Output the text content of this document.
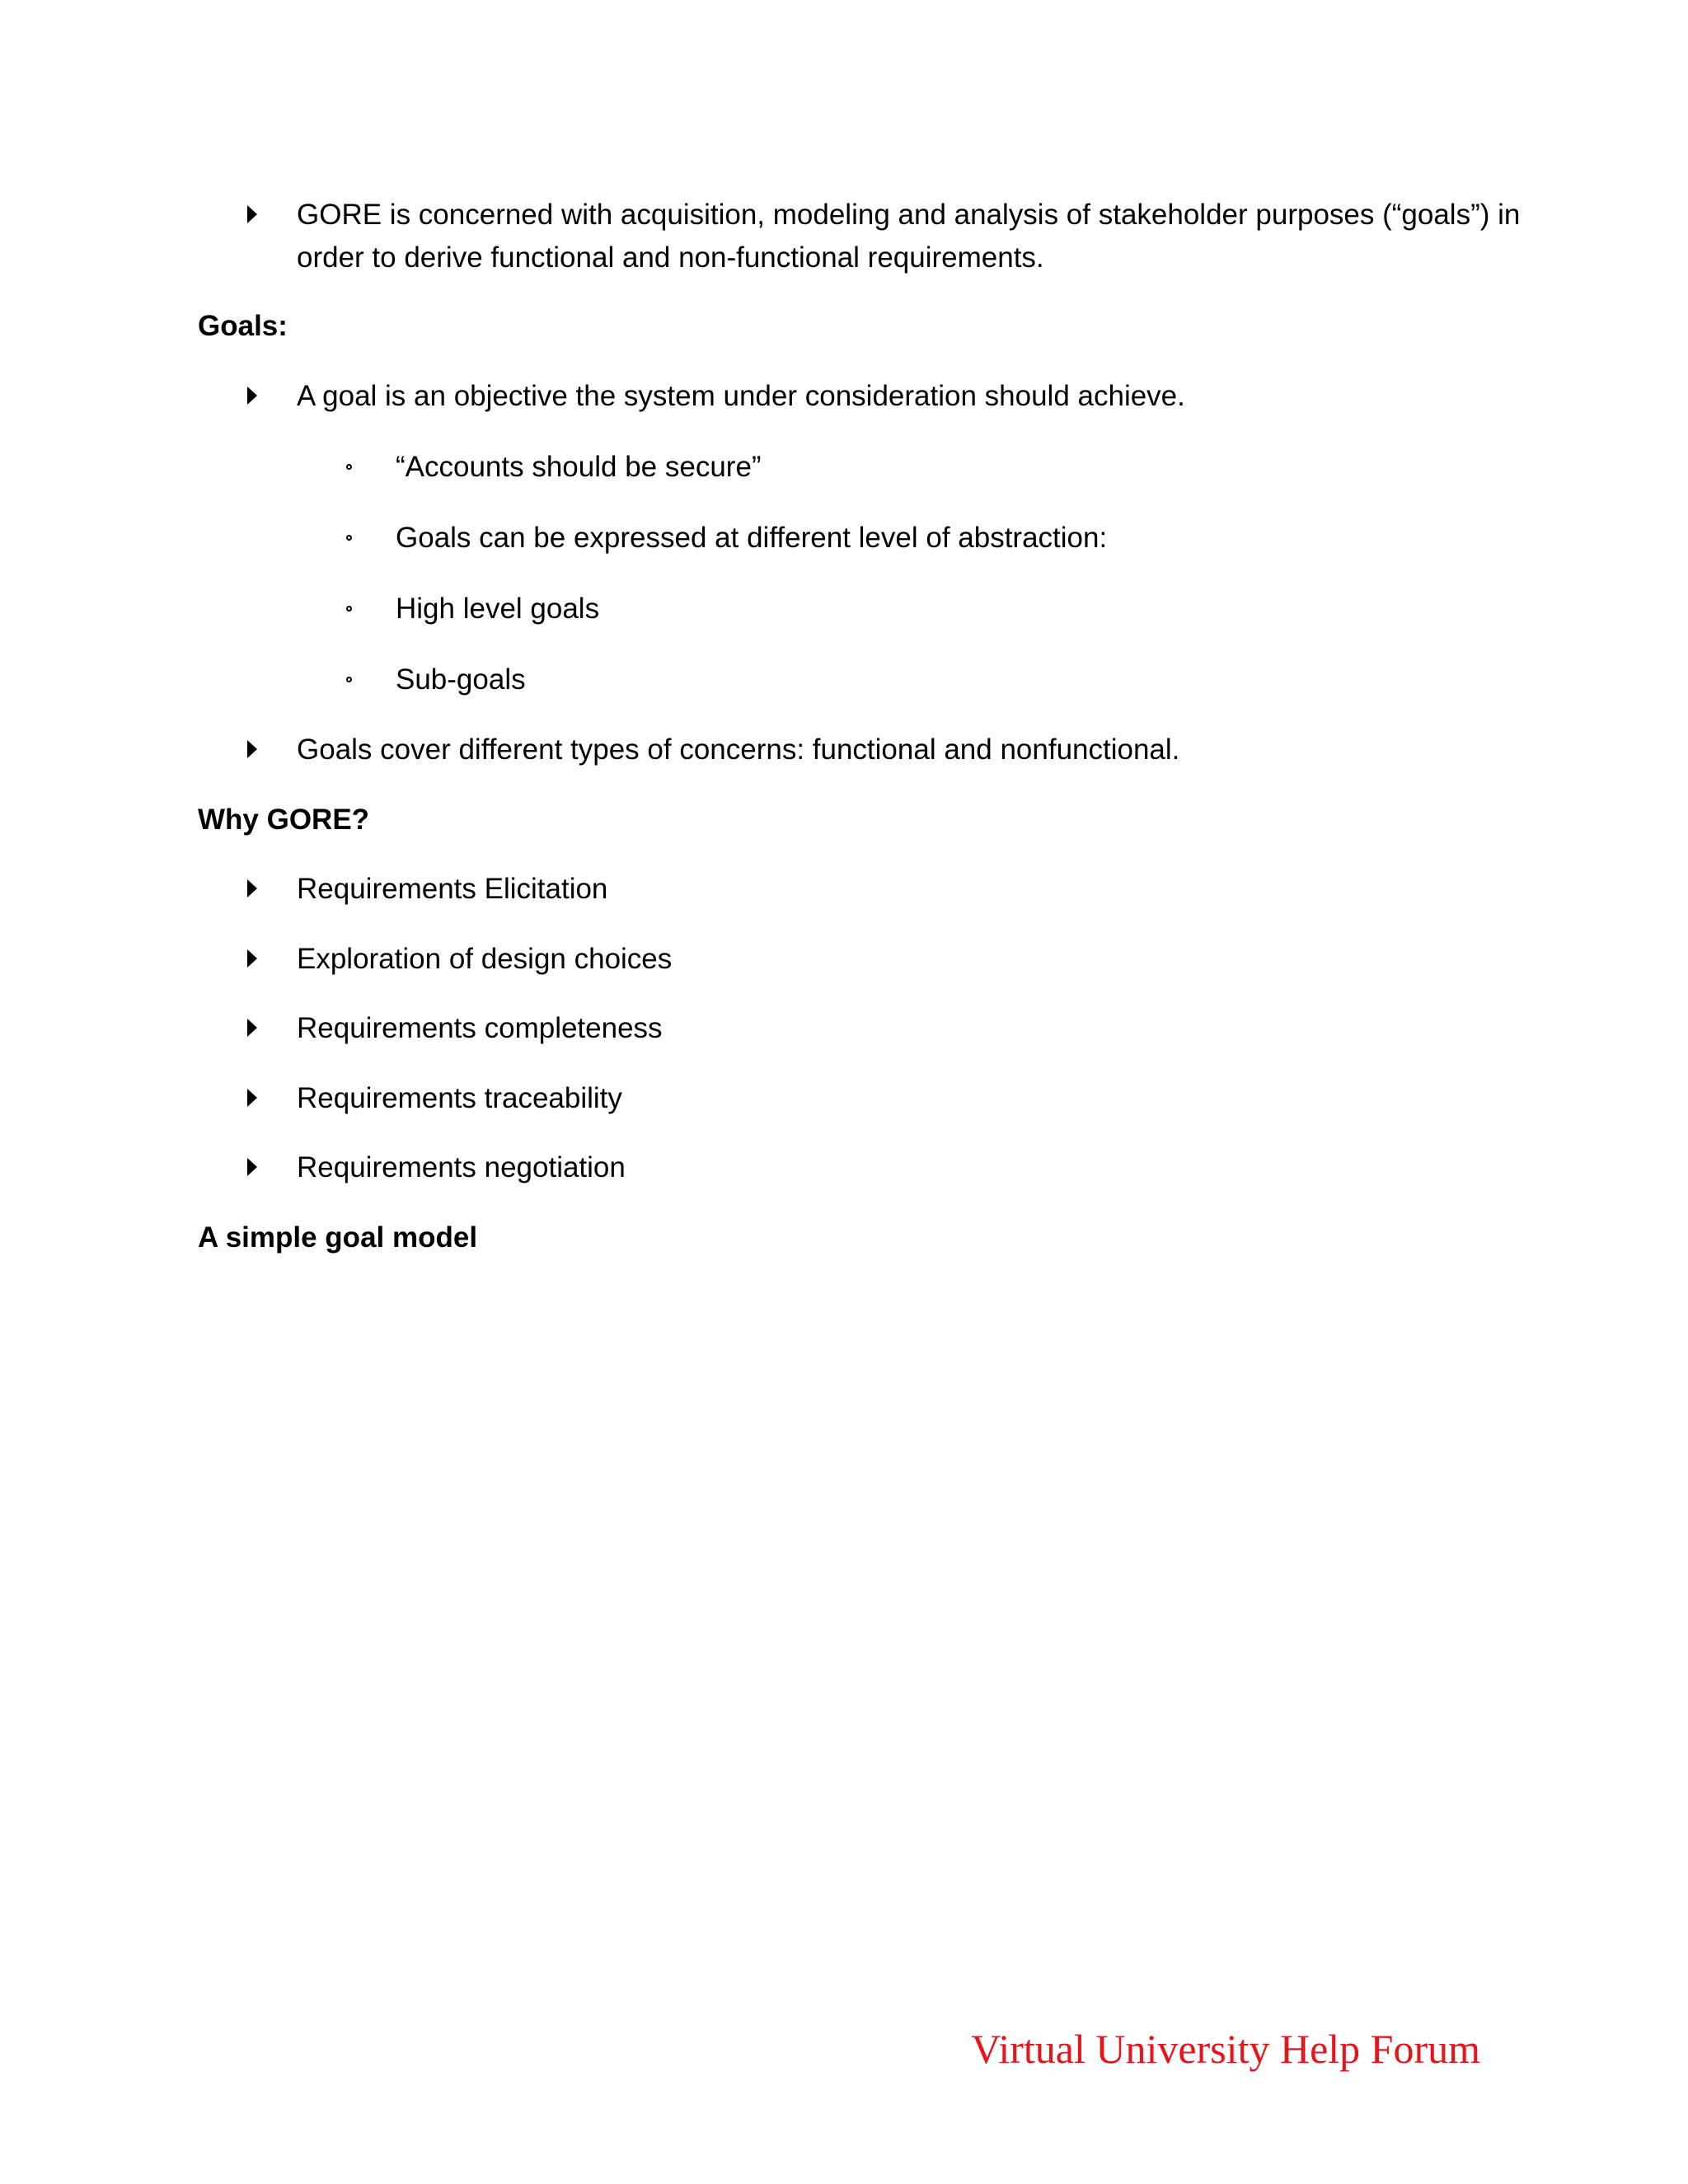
GORE is concerned with acquisition, modeling and analysis of stakeholder purposes (“goals”) in order to derive functional and non-functional requirements.
Goals:
A goal is an objective the system under consideration should achieve.
“Accounts should be secure”
Goals can be expressed at different level of abstraction:
High level goals
Sub-goals
Goals cover different types of concerns: functional and nonfunctional.
Why GORE?
Requirements Elicitation
Exploration of design choices
Requirements completeness
Requirements traceability
Requirements negotiation
A simple goal model
Virtual University Help Forum
